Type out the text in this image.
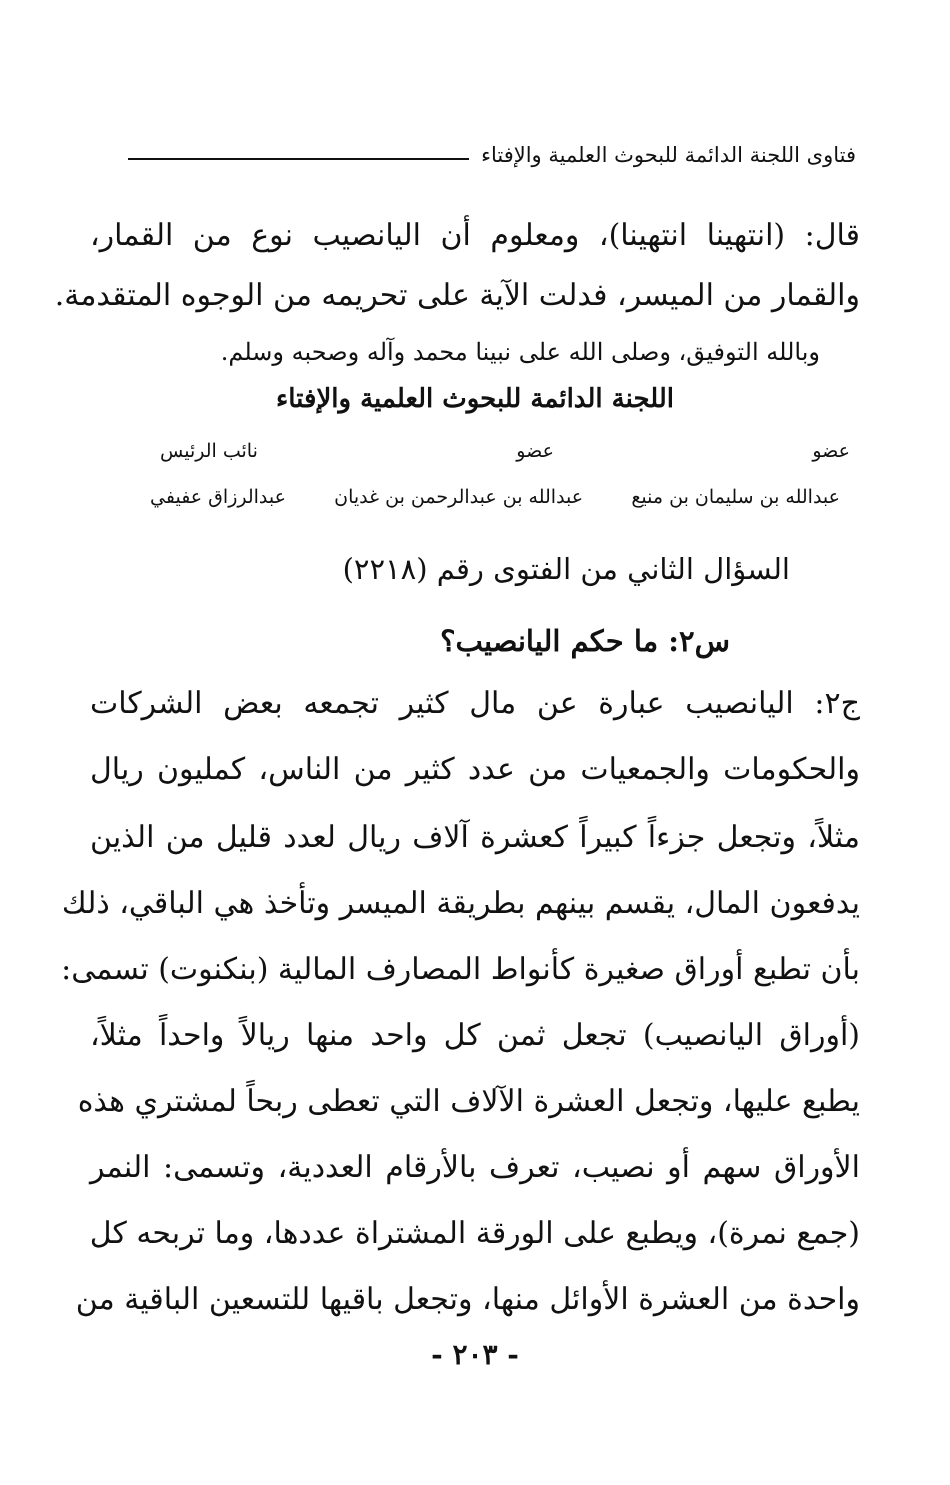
فتاوى اللجنة الدائمة للبحوث العلمية والإفتاء
قال: (انتهينا انتهينا)، ومعلوم أن اليانصيب نوع من القمار،
والقمار من الميسر، فدلت الآية على تحريمه من الوجوه المتقدمة.
وبالله التوفيق، وصلى الله على نبينا محمد وآله وصحبه وسلم.
اللجنة الدائمة للبحوث العلمية والإفتاء
عضو
عضو
نائب الرئيس
عبدالله بن سليمان بن منيع
عبدالله بن عبدالرحمن بن غديان
عبدالرزاق عفيفي
السؤال الثاني من الفتوى رقم (٢٢١٨)
س٢: ما حكم اليانصيب؟
ج٢: اليانصيب عبارة عن مال كثير تجمعه بعض الشركات
والحكومات والجمعيات من عدد كثير من الناس، كمليون ريال
مثلاً، وتجعل جزءاً كبيراً كعشرة آلاف ريال لعدد قليل من الذين
يدفعون المال، يقسم بينهم بطريقة الميسر وتأخذ هي الباقي، ذلك
بأن تطبع أوراق صغيرة كأنواط المصارف المالية (بنكنوت) تسمى:
(أوراق اليانصيب) تجعل ثمن كل واحد منها ريالاً واحداً مثلاً،
يطبع عليها، وتجعل العشرة الآلاف التي تعطى ربحاً لمشتري هذه
الأوراق سهم أو نصيب، تعرف بالأرقام العددية، وتسمى: النمر
(جمع نمرة)، ويطبع على الورقة المشتراة عددها، وما تربحه كل
واحدة من العشرة الأوائل منها، وتجعل باقيها للتسعين الباقية من
- ٢٠٣ -
